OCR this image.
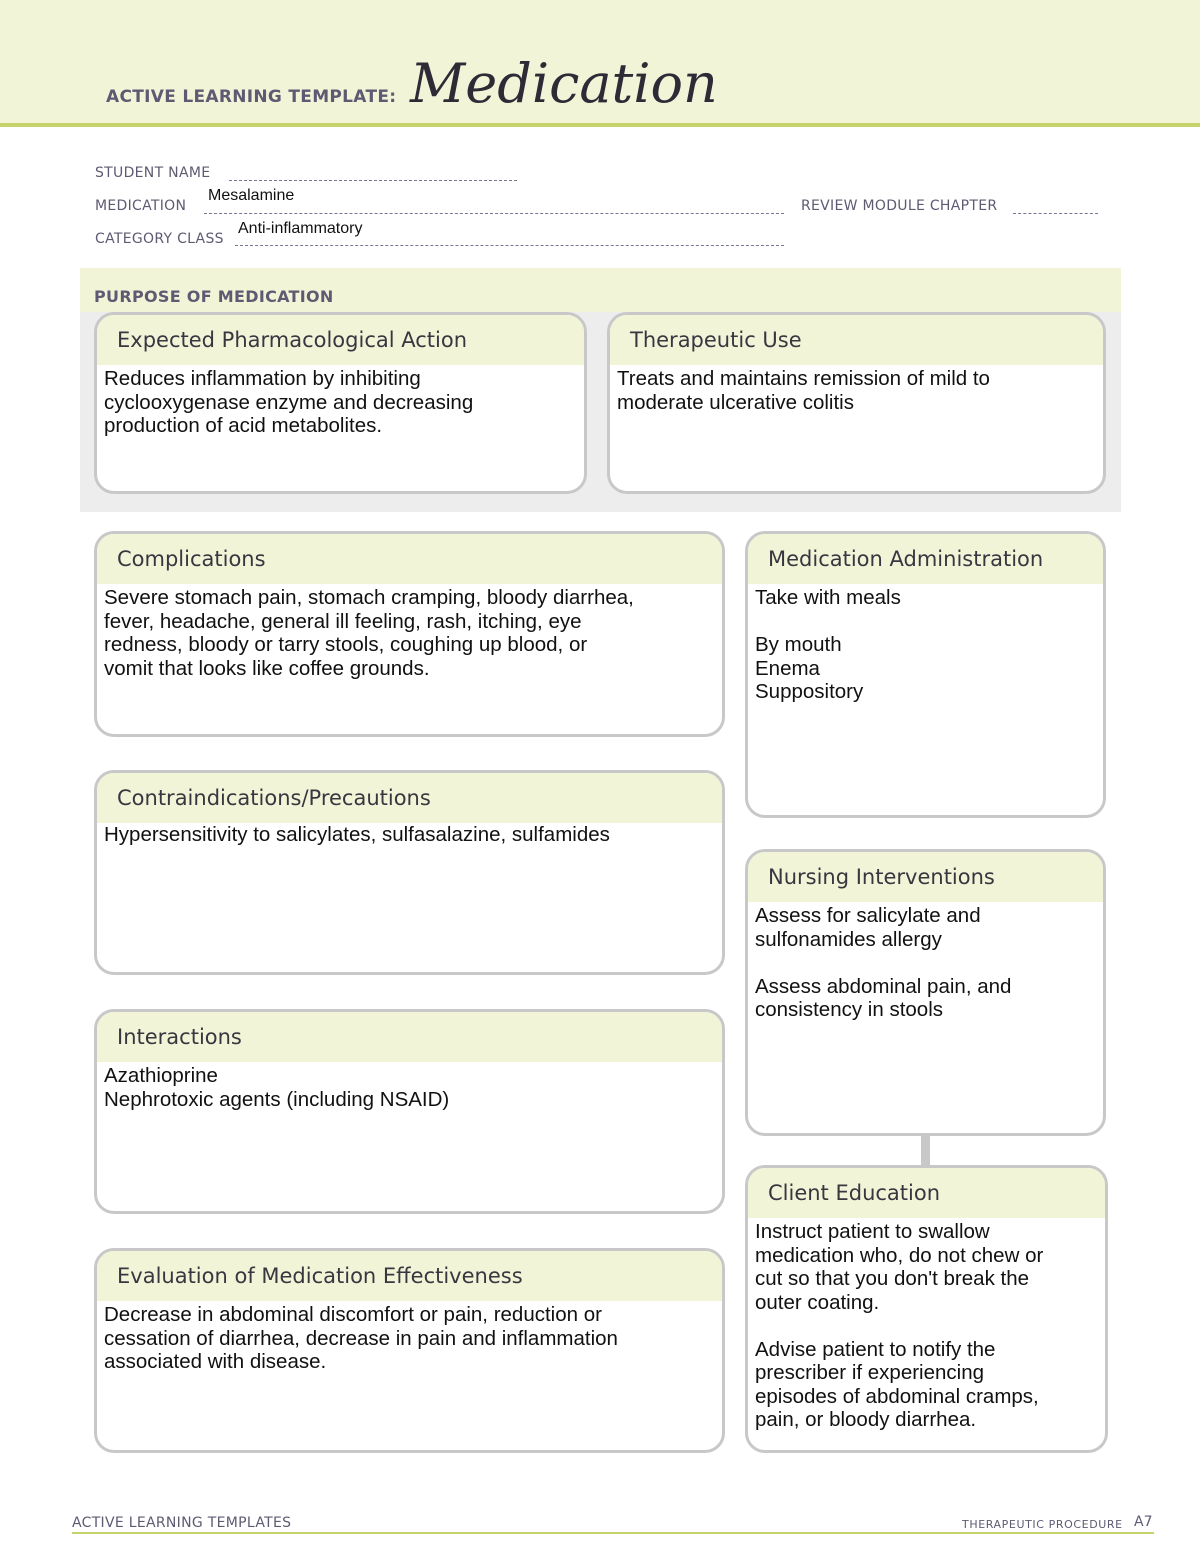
ACTIVE LEARNING TEMPLATE: Medication
STUDENT NAME
MEDICATION
Mesalamine
REVIEW MODULE CHAPTER
CATEGORY CLASS
Anti-inflammatory
PURPOSE OF MEDICATION
Expected Pharmacological Action
Reduces inflammation by inhibiting
cyclooxygenase enzyme and decreasing
production of acid metabolites.
Therapeutic Use
Treats and maintains remission of mild to
moderate ulcerative colitis
Complications
Severe stomach pain, stomach cramping, bloody diarrhea,
fever, headache, general ill feeling, rash, itching, eye
redness, bloody or tarry stools, coughing up blood, or
vomit that looks like coffee grounds.
Contraindications/Precautions
Hypersensitivity to salicylates, sulfasalazine, sulfamides
Interactions
Azathioprine
Nephrotoxic agents (including NSAID)
Evaluation of Medication Effectiveness
Decrease in abdominal discomfort or pain, reduction or
cessation of diarrhea, decrease in pain and inflammation
associated with disease.
Medication Administration
Take with meals

By mouth
Enema
Suppository
Nursing Interventions
Assess for salicylate and
sulfonamides allergy

Assess abdominal pain, and
consistency in stools
Client Education
Instruct patient to swallow
medication who, do not chew or
cut so that you don't break the
outer coating.

Advise patient to notify the
prescriber if experiencing
episodes of abdominal cramps,
pain, or bloody diarrhea.
ACTIVE LEARNING TEMPLATES	THERAPEUTIC PROCEDURE A7
